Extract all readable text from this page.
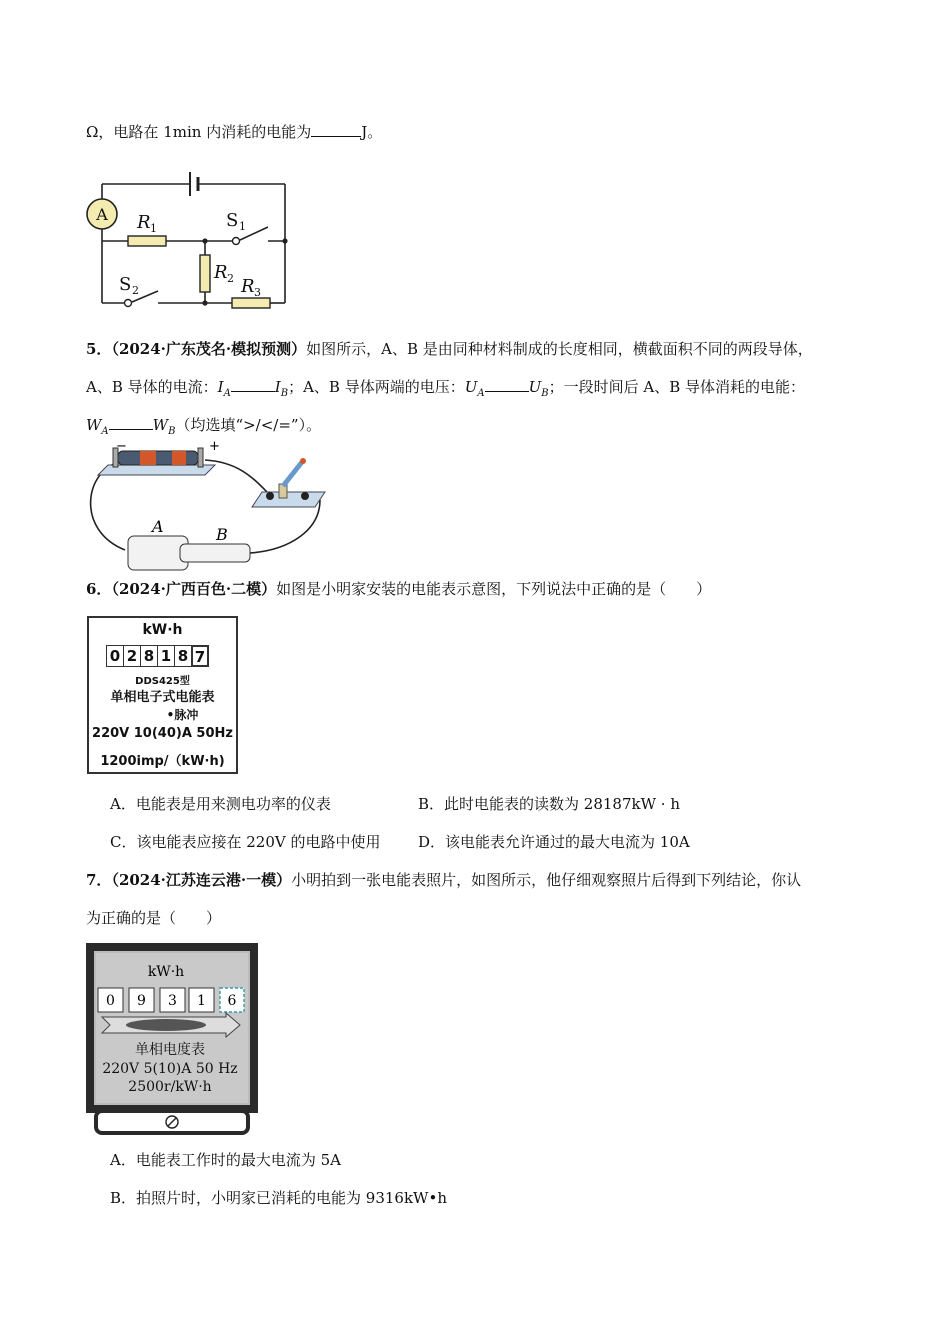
Ω，电路在 1min 内消耗的电能为	J。
A R 1	S 1
R 2
S 2	R 3
5．（2024·广东茂名·模拟预测）如图所示，A、B 是由同种材料制成的长度相同，横截面积不同的两段导体，
A、B 导体的电流：$I_A$	$I_B$；A、B 导体两端的电压：$U_A$	$U_B$；一段时间后 A、B 导体消耗的电能：
$W_A$	$W_B$（均选填“>/</=”）。
−	+
A	B
6．（2024·广西百色·二模）如图是小明家安装的电能表示意图，下列说法中正确的是（　　）
kW·h
0 2 8 1 8 7
DDS425型
单相电子式电能表
•脉冲
220V 10(40)A 50Hz
1200imp/（kW·h)
A．电能表是用来测电功率的仪表	B．此时电能表的读数为 28187kW · h
C．该电能表应接在 220V 的电路中使用	D．该电能表允许通过的最大电流为 10A
7．（2024·江苏连云港·一模）小明拍到一张电能表照片，如图所示，他仔细观察照片后得到下列结论，你认
为正确的是（　　）
kW·h
0 9 3 1 6
单相电度表
220V 5(10)A 50 Hz
2500r/kW·h
A．电能表工作时的最大电流为 5A
B．拍照片时，小明家已消耗的电能为 9316kW•h
